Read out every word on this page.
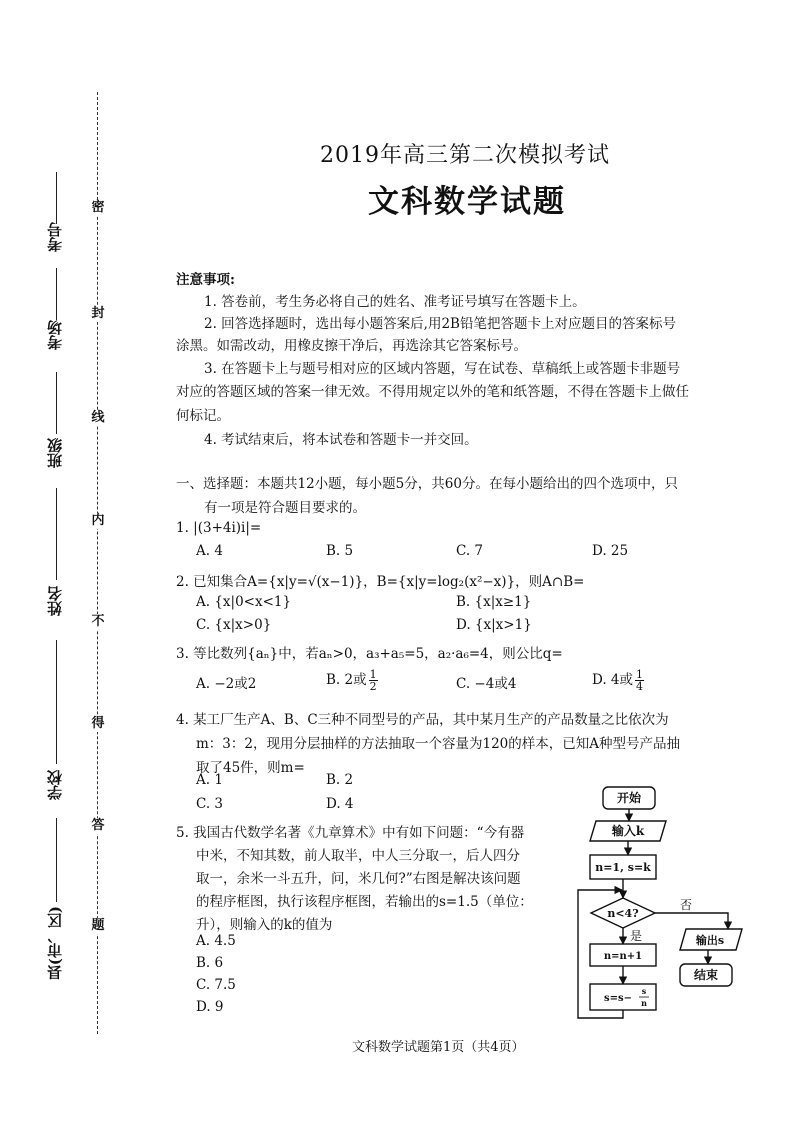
考号
考场
班级
姓名
学校
县(市、区)
密
封
线
内
不
得
答
题
2019年高三第二次模拟考试
文科数学试题
注意事项:
1. 答卷前，考生务必将自己的姓名、准考证号填写在答题卡上。
2. 回答选择题时，选出每小题答案后,用2B铅笔把答题卡上对应题目的答案标号
涂黑。如需改动，用橡皮擦干净后，再选涂其它答案标号。
3. 在答题卡上与题号相对应的区域内答题，写在试卷、草稿纸上或答题卡非题号
对应的答题区域的答案一律无效。不得用规定以外的笔和纸答题，不得在答题卡上做任
何标记。
4. 考试结束后，将本试卷和答题卡一并交回。
一、选择题：本题共12小题，每小题5分，共60分。在每小题给出的四个选项中，只
有一项是符合题目要求的。
1. |(3+4i)i|=
A. 4	B. 5	C. 7	D. 25
2. 已知集合A={x|y=√(x−1)}，B={x|y=log₂(x²−x)}，则A∩B=
A. {x|0<x<1}	B. {x|x≥1}
C. {x|x>0}	D. {x|x>1}
3. 等比数列{aₙ}中，若aₙ>0，a₃+a₅=5，a₂·a₆=4，则公比q=
A. −2或2	B. 2或 $\frac{1}{2}$	C. −4或4	D. 4或 $\frac{1}{4}$
4. 某工厂生产A、B、C三种不同型号的产品，其中某月生产的产品数量之比依次为
m：3：2，现用分层抽样的方法抽取一个容量为120的样本，已知A种型号产品抽
取了45件，则m=
A. 1	B. 2
C. 3	D. 4
5. 我国古代数学名著《九章算术》中有如下问题：“今有器
中米，不知其数，前人取半，中人三分取一，后人四分
取一，余米一斗五升，问，米几何?”右图是解决该问题
的程序框图，执行该程序框图，若输出的s=1.5（单位：
升），则输入的k的值为
A. 4.5
B. 6
C. 7.5
D. 9
开始
输入k
n=1, s=k
n<4?
否
是
n=n+1
s=s−
s
n
输出s
结束
文科数学试题第1页（共4页）
